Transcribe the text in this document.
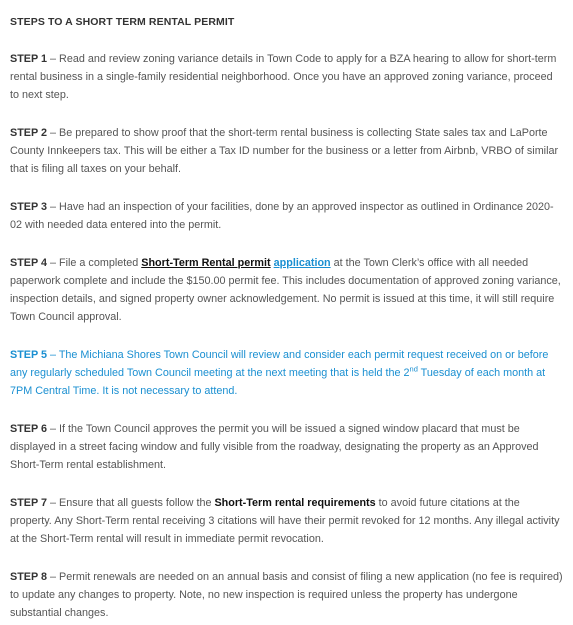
STEPS TO A SHORT TERM RENTAL PERMIT

STEP 1 – Read and review zoning variance details in Town Code to apply for a BZA hearing to allow for short-term rental business in a single-family residential neighborhood. Once you have an approved zoning variance, proceed to next step.

STEP 2 – Be prepared to show proof that the short-term rental business is collecting State sales tax and LaPorte County Innkeepers tax. This will be either a Tax ID number for the business or a letter from Airbnb, VRBO of similar that is filing all taxes on your behalf.

STEP 3 – Have had an inspection of your facilities, done by an approved inspector as outlined in Ordinance 2020-02 with needed data entered into the permit.

STEP 4 – File a completed Short-Term Rental permit application at the Town Clerk’s office with all needed paperwork complete and include the $150.00 permit fee. This includes documentation of approved zoning variance, inspection details, and signed property owner acknowledgement. No permit is issued at this time, it will still require Town Council approval.

STEP 5 – The Michiana Shores Town Council will review and consider each permit request received on or before any regularly scheduled Town Council meeting at the next meeting that is held the 2nd Tuesday of each month at 7PM Central Time. It is not necessary to attend.

STEP 6 – If the Town Council approves the permit you will be issued a signed window placard that must be displayed in a street facing window and fully visible from the roadway, designating the property as an Approved Short-Term rental establishment.

STEP 7 – Ensure that all guests follow the Short-Term rental requirements to avoid future citations at the property. Any Short-Term rental receiving 3 citations will have their permit revoked for 12 months. Any illegal activity at the Short-Term rental will result in immediate permit revocation.

STEP 8 – Permit renewals are needed on an annual basis and consist of filing a new application (no fee is required) to update any changes to property. Note, no new inspection is required unless the property has undergone substantial changes.
